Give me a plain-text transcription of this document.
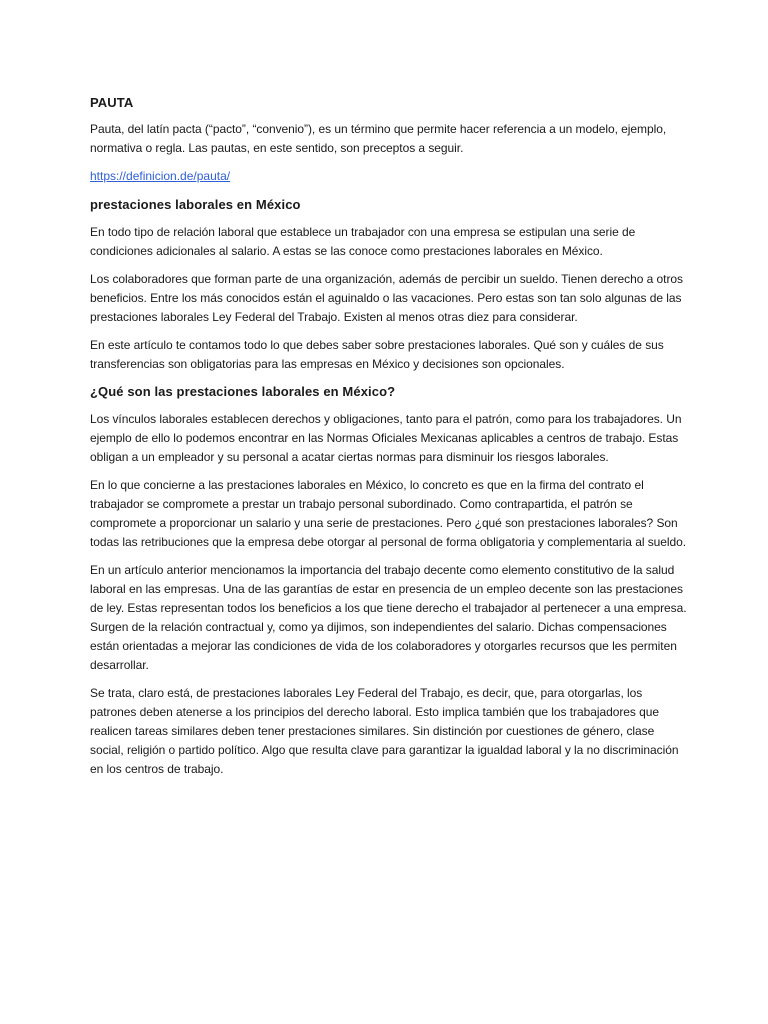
PAUTA

Pauta, del latín pacta (“pacto”, “convenio”), es un término que permite hacer referencia a un modelo, ejemplo, normativa o regla. Las pautas, en este sentido, son preceptos a seguir.

https://definicion.de/pauta/
prestaciones laborales en México

En todo tipo de relación laboral que establece un trabajador con una empresa se estipulan una serie de condiciones adicionales al salario. A estas se las conoce como prestaciones laborales en México.

Los colaboradores que forman parte de una organización, además de percibir un sueldo. Tienen derecho a otros beneficios. Entre los más conocidos están el aguinaldo o las vacaciones. Pero estas son tan solo algunas de las prestaciones laborales Ley Federal del Trabajo. Existen al menos otras diez para considerar.

En este artículo te contamos todo lo que debes saber sobre prestaciones laborales. Qué son y cuáles de sus transferencias son obligatorias para las empresas en México y decisiones son opcionales.

¿Qué son las prestaciones laborales en México?

Los vínculos laborales establecen derechos y obligaciones, tanto para el patrón, como para los trabajadores. Un ejemplo de ello lo podemos encontrar en las Normas Oficiales Mexicanas aplicables a centros de trabajo. Estas obligan a un empleador y su personal a acatar ciertas normas para disminuir los riesgos laborales.

En lo que concierne a las prestaciones laborales en México, lo concreto es que en la firma del contrato el trabajador se compromete a prestar un trabajo personal subordinado. Como contrapartida, el patrón se compromete a proporcionar un salario y una serie de prestaciones. Pero ¿qué son prestaciones laborales? Son todas las retribuciones que la empresa debe otorgar al personal de forma obligatoria y complementaria al sueldo.

En un artículo anterior mencionamos la importancia del trabajo decente como elemento constitutivo de la salud laboral en las empresas. Una de las garantías de estar en presencia de un empleo decente son las prestaciones de ley. Estas representan todos los beneficios a los que tiene derecho el trabajador al pertenecer a una empresa. Surgen de la relación contractual y, como ya dijimos, son independientes del salario. Dichas compensaciones están orientadas a mejorar las condiciones de vida de los colaboradores y otorgarles recursos que les permiten desarrollar.

Se trata, claro está, de prestaciones laborales Ley Federal del Trabajo, es decir, que, para otorgarlas, los patrones deben atenerse a los principios del derecho laboral. Esto implica también que los trabajadores que realicen tareas similares deben tener prestaciones similares. Sin distinción por cuestiones de género, clase social, religión o partido político. Algo que resulta clave para garantizar la igualdad laboral y la no discriminación en los centros de trabajo.
